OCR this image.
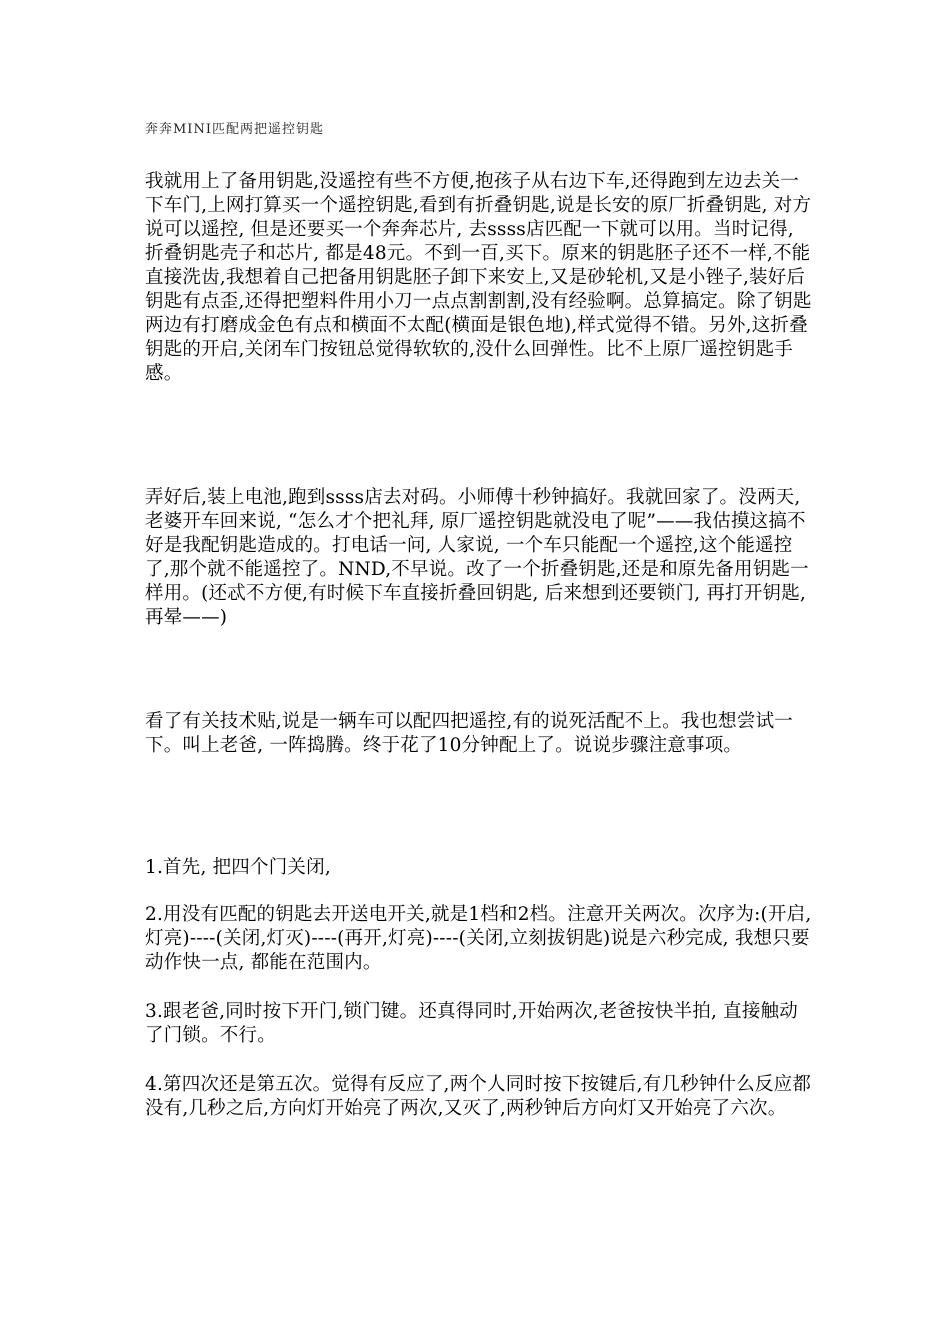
奔奔MINI匹配两把遥控钥匙

我就用上了备用钥匙,没遥控有些不方便,抱孩子从右边下车,还得跑到左边去关一下车门,上网打算买一个遥控钥匙,看到有折叠钥匙,说是长安的原厂折叠钥匙, 对方说可以遥控, 但是还要买一个奔奔芯片, 去ssss店匹配一下就可以用。当时记得, 折叠钥匙壳子和芯片, 都是48元。不到一百,买下。原来的钥匙胚子还不一样,不能直接洗齿,我想着自己把备用钥匙胚子卸下来安上,又是砂轮机,又是小锉子,装好后钥匙有点歪,还得把塑料件用小刀一点点割割割,没有经验啊。总算搞定。除了钥匙两边有打磨成金色有点和横面不太配(横面是银色地),样式觉得不错。另外,这折叠钥匙的开启,关闭车门按钮总觉得软软的,没什么回弹性。比不上原厂遥控钥匙手感。

弄好后,装上电池,跑到ssss店去对码。小师傅十秒钟搞好。我就回家了。没两天, 老婆开车回来说, “怎么才个把礼拜, 原厂遥控钥匙就没电了呢”——我估摸这搞不好是我配钥匙造成的。打电话一问, 人家说, 一个车只能配一个遥控,这个能遥控了,那个就不能遥控了。NND,不早说。改了一个折叠钥匙,还是和原先备用钥匙一样用。(还忒不方便,有时候下车直接折叠回钥匙, 后来想到还要锁门, 再打开钥匙, 再晕——)

看了有关技术贴,说是一辆车可以配四把遥控,有的说死活配不上。我也想尝试一下。叫上老爸, 一阵捣腾。终于花了10分钟配上了。说说步骤注意事项。

1.首先, 把四个门关闭,

2.用没有匹配的钥匙去开送电开关,就是1档和2档。注意开关两次。次序为:(开启,灯亮)----(关闭,灯灭)----(再开,灯亮)----(关闭,立刻拔钥匙)说是六秒完成, 我想只要动作快一点, 都能在范围内。

3.跟老爸,同时按下开门,锁门键。还真得同时,开始两次,老爸按快半拍, 直接触动了门锁。不行。

4.第四次还是第五次。觉得有反应了,两个人同时按下按键后,有几秒钟什么反应都没有,几秒之后,方向灯开始亮了两次,又灭了,两秒钟后方向灯又开始亮了六次。
